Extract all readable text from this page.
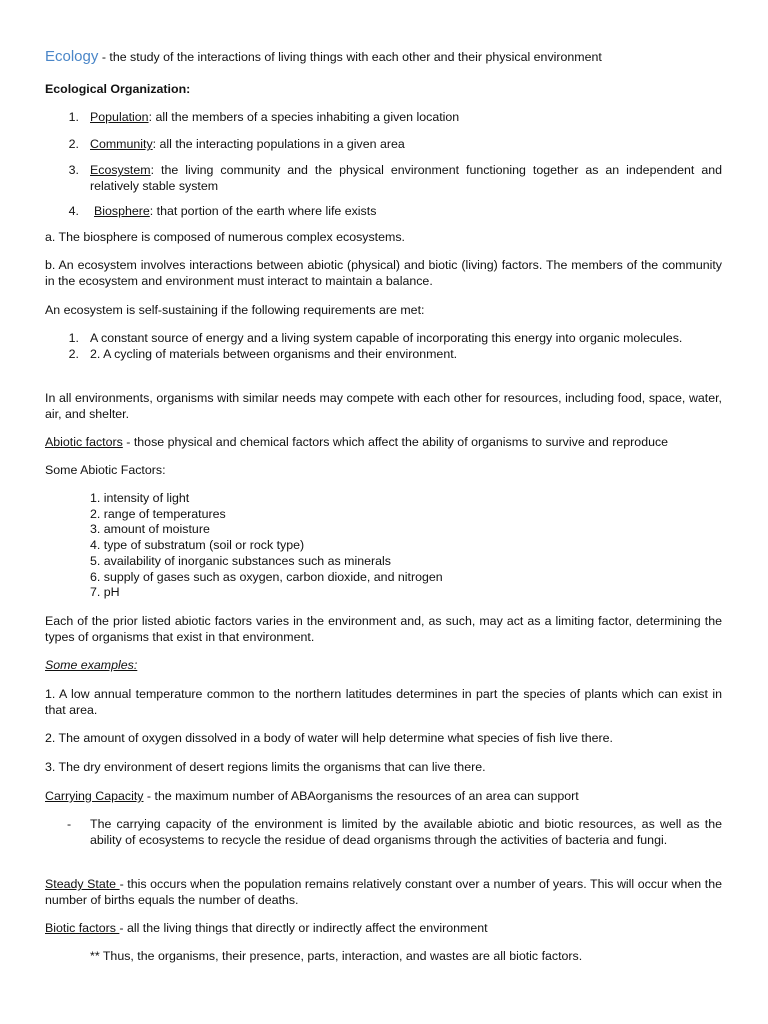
Ecology - the study of the interactions of living things with each other and their physical environment
Ecological Organization:
1. Population: all the members of a species inhabiting a given location
2. Community: all the interacting populations in a given area
3. Ecosystem: the living community and the physical environment functioning together as an independent and relatively stable system
4. Biosphere: that portion of the earth where life exists
a. The biosphere is composed of numerous complex ecosystems.
b. An ecosystem involves interactions between abiotic (physical) and biotic (living) factors. The members of the community in the ecosystem and environment must interact to maintain a balance.
An ecosystem is self-sustaining if the following requirements are met:
1. A constant source of energy and a living system capable of incorporating this energy into organic molecules.
2. 2. A cycling of materials between organisms and their environment.
In all environments, organisms with similar needs may compete with each other for resources, including food, space, water, air, and shelter.
Abiotic factors - those physical and chemical factors which affect the ability of organisms to survive and reproduce
Some Abiotic Factors:
1. intensity of light
2. range of temperatures
3. amount of moisture
4. type of substratum (soil or rock type)
5. availability of inorganic substances such as minerals
6. supply of gases such as oxygen, carbon dioxide, and nitrogen
7. pH
Each of the prior listed abiotic factors varies in the environment and, as such, may act as a limiting factor, determining the types of organisms that exist in that environment.
Some examples:
1. A low annual temperature common to the northern latitudes determines in part the species of plants which can exist in that area.
2. The amount of oxygen dissolved in a body of water will help determine what species of fish live there.
3. The dry environment of desert regions limits the organisms that can live there.
Carrying Capacity - the maximum number of ABAorganisms the resources of an area can support
- The carrying capacity of the environment is limited by the available abiotic and biotic resources, as well as the ability of ecosystems to recycle the residue of dead organisms through the activities of bacteria and fungi.
Steady State - this occurs when the population remains relatively constant over a number of years. This will occur when the number of births equals the number of deaths.
Biotic factors - all the living things that directly or indirectly affect the environment
** Thus, the organisms, their presence, parts, interaction, and wastes are all biotic factors.
